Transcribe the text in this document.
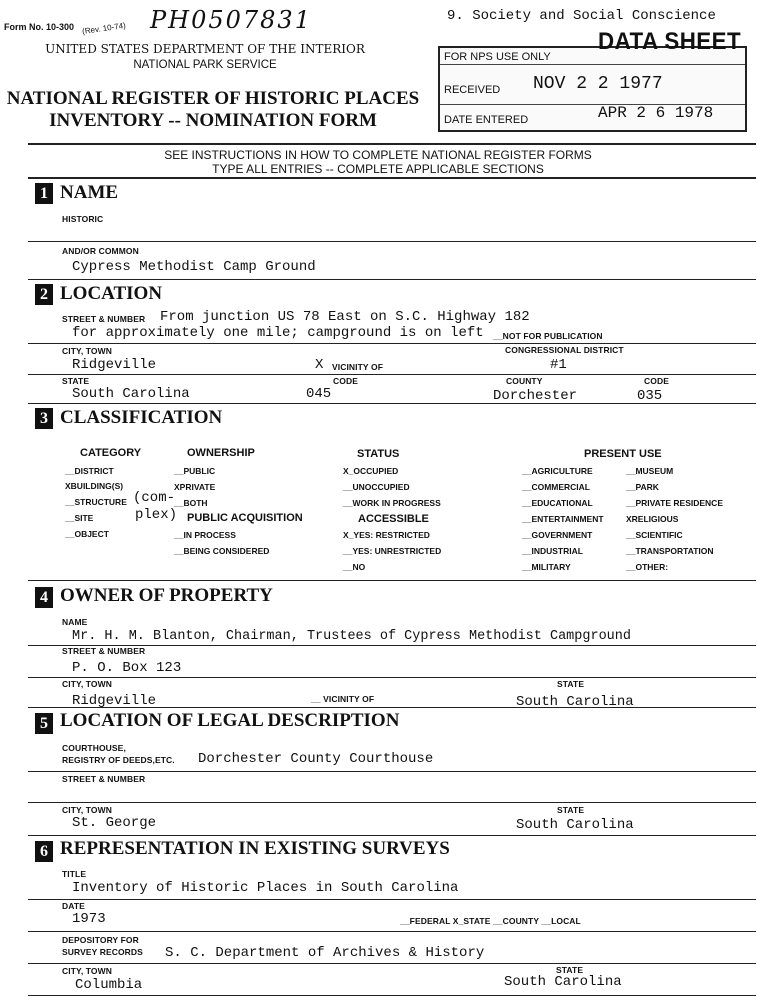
Form No. 10-300 (Rev. 10-74) PH0507831	9. Society and Social Conscience
UNITED STATES DEPARTMENT OF THE INTERIOR
NATIONAL PARK SERVICE
NATIONAL REGISTER OF HISTORIC PLACES
INVENTORY -- NOMINATION FORM
FOR NPS USE ONLY
RECEIVED
DATE ENTERED
NOV 2 2 1977
APR 2 6 1978
DATA SHEET
SEE INSTRUCTIONS IN HOW TO COMPLETE NATIONAL REGISTER FORMS
TYPE ALL ENTRIES -- COMPLETE APPLICABLE SECTIONS
1 NAME
HISTORIC
AND/OR COMMON
Cypress Methodist Camp Ground
2 LOCATION
STREET & NUMBER From junction US 78 East on S.C. Highway 182
for approximately one mile; campground is on left __NOT FOR PUBLICATION
CITY, TOWN
Ridgeville	X VICINITY OF
CONGRESSIONAL DISTRICT
#1
STATE
South Carolina
CODE
045
COUNTY
Dorchester
CODE
035
3 CLASSIFICATION
CATEGORY
__DISTRICT
XBUILDING(S)
__STRUCTURE
__SITE
__OBJECT
(com-
plex)
OWNERSHIP
__PUBLIC
XPRIVATE
__BOTH
PUBLIC ACQUISITION
__IN PROCESS
__BEING CONSIDERED
STATUS
X_OCCUPIED
__UNOCCUPIED
__WORK IN PROGRESS
ACCESSIBLE
X_YES: RESTRICTED
__YES: UNRESTRICTED
__NO
PRESENT USE
__AGRICULTURE
__COMMERCIAL
__EDUCATIONAL
__ENTERTAINMENT
__GOVERNMENT
__INDUSTRIAL
__MILITARY
__MUSEUM
__PARK
__PRIVATE RESIDENCE
XRELIGIOUS
__SCIENTIFIC
__TRANSPORTATION
__OTHER:
4 OWNER OF PROPERTY
NAME
Mr. H. M. Blanton, Chairman, Trustees of Cypress Methodist Campground
STREET & NUMBER
P. O. Box 123
CITY, TOWN
Ridgeville	__ VICINITY OF
STATE
South Carolina
5 LOCATION OF LEGAL DESCRIPTION
COURTHOUSE,
REGISTRY OF DEEDS,ETC. Dorchester County Courthouse
STREET & NUMBER
CITY, TOWN
St. George
STATE
South Carolina
6 REPRESENTATION IN EXISTING SURVEYS
TITLE
Inventory of Historic Places in South Carolina
DATE
1973	__FEDERAL X_STATE __COUNTY __LOCAL
DEPOSITORY FOR
SURVEY RECORDS S. C. Department of Archives & History
CITY, TOWN
Columbia
STATE
South Carolina
